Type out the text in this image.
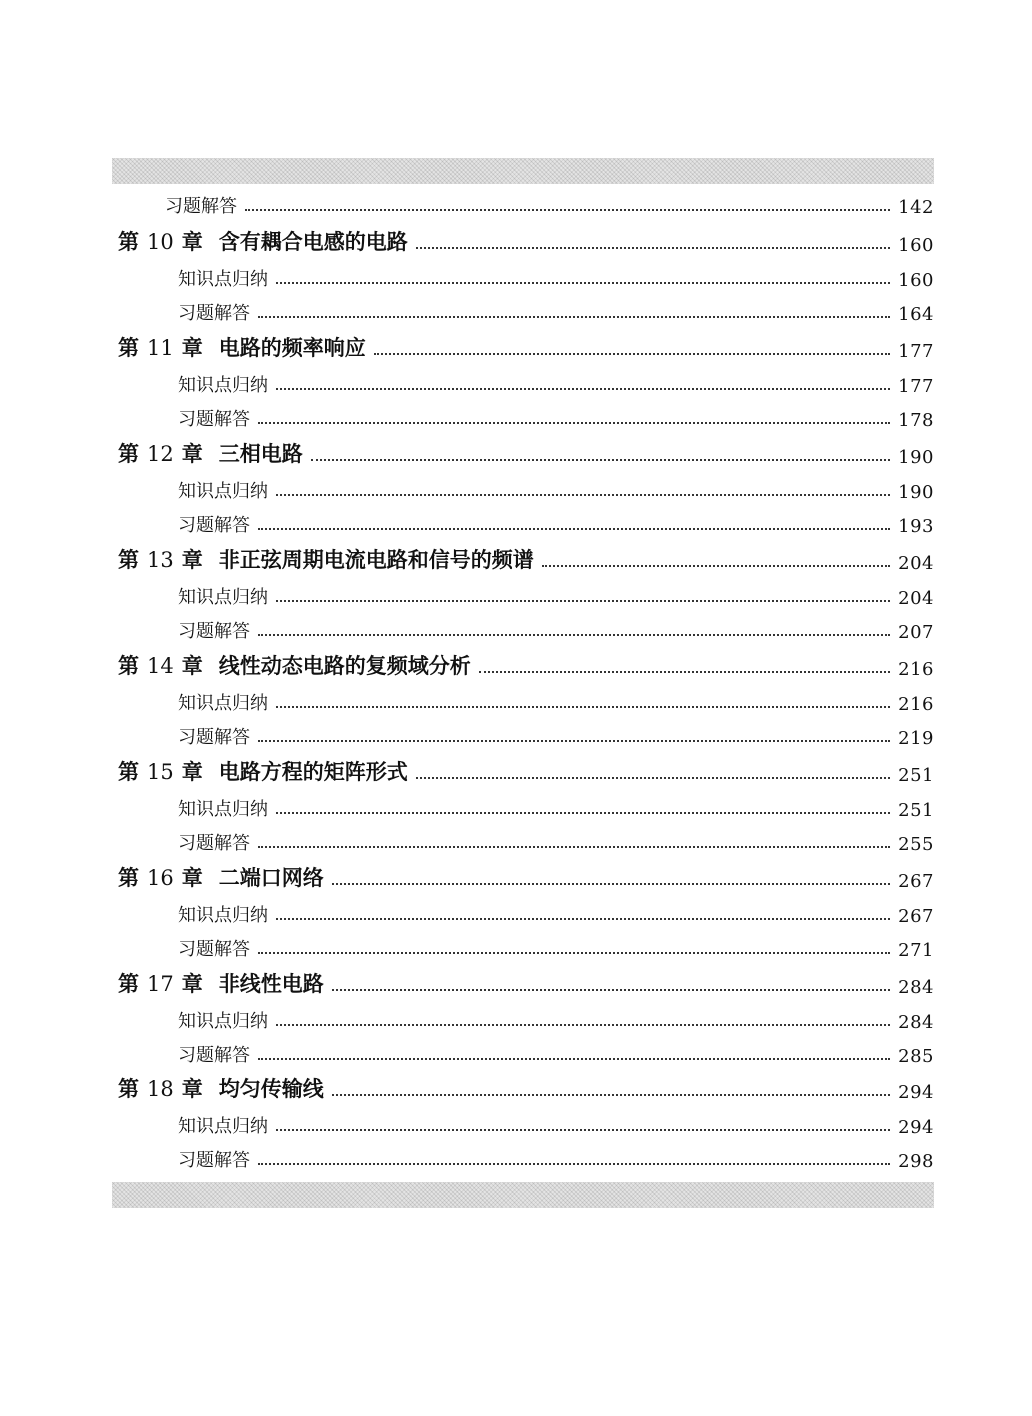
习题解答	142
第 10 章 含有耦合电感的电路	160
知识点归纳	160
习题解答	164
第 11 章 电路的频率响应	177
知识点归纳	177
习题解答	178
第 12 章 三相电路	190
知识点归纳	190
习题解答	193
第 13 章 非正弦周期电流电路和信号的频谱	204
知识点归纳	204
习题解答	207
第 14 章 线性动态电路的复频域分析	216
知识点归纳	216
习题解答	219
第 15 章 电路方程的矩阵形式	251
知识点归纳	251
习题解答	255
第 16 章 二端口网络	267
知识点归纳	267
习题解答	271
第 17 章 非线性电路	284
知识点归纳	284
习题解答	285
第 18 章 均匀传输线	294
知识点归纳	294
习题解答	298
